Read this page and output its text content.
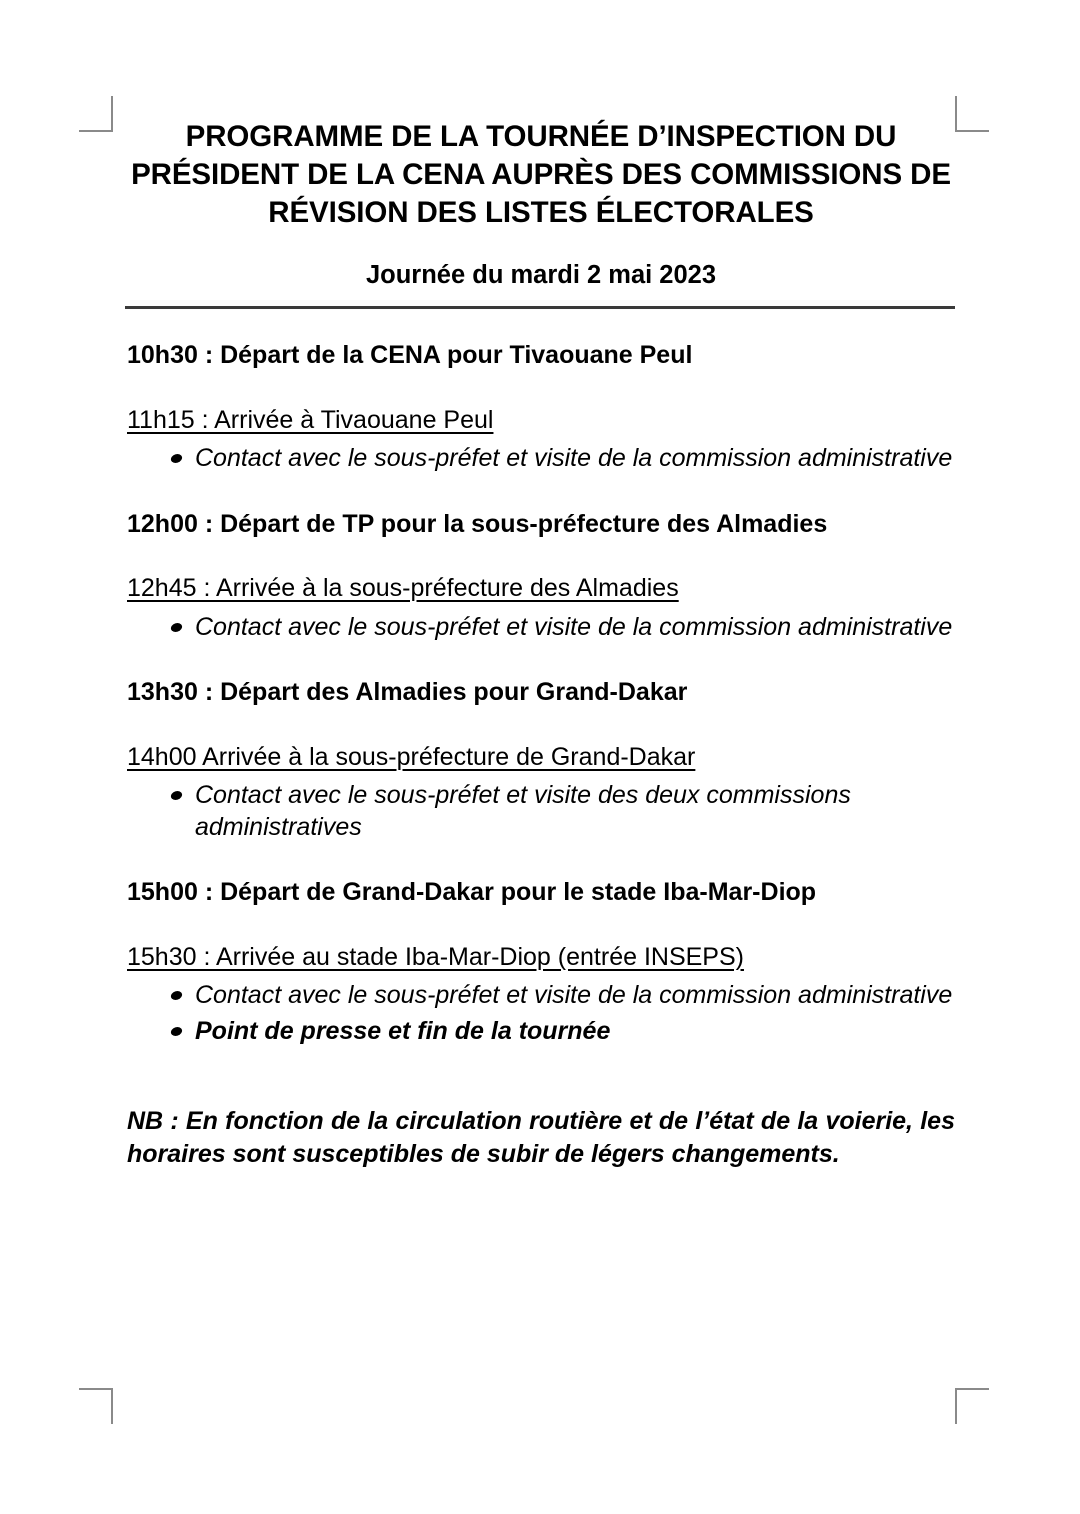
PROGRAMME DE LA TOURNÉE D’INSPECTION DU PRÉSIDENT DE LA CENA AUPRÈS DES COMMISSIONS DE RÉVISION DES LISTES ÉLECTORALES
Journée du mardi 2 mai 2023

10h30 : Départ de la CENA pour Tivaouane Peul

11h15 : Arrivée à Tivaouane Peul
Contact avec le sous-préfet et visite de la commission administrative

12h00 : Départ de TP pour la sous-préfecture des Almadies

12h45 : Arrivée à la sous-préfecture des Almadies
Contact avec le sous-préfet et visite de la commission administrative

13h30 : Départ des Almadies pour Grand-Dakar

14h00 Arrivée à la sous-préfecture de Grand-Dakar
Contact avec le sous-préfet et visite des deux commissions administratives

15h00 : Départ de Grand-Dakar pour le stade Iba-Mar-Diop

15h30 : Arrivée au stade Iba-Mar-Diop (entrée INSEPS)
Contact avec le sous-préfet et visite de la commission administrative
Point de presse et fin de la tournée

NB : En fonction de la circulation routière et de l’état de la voierie, les horaires sont susceptibles de subir de légers changements.
